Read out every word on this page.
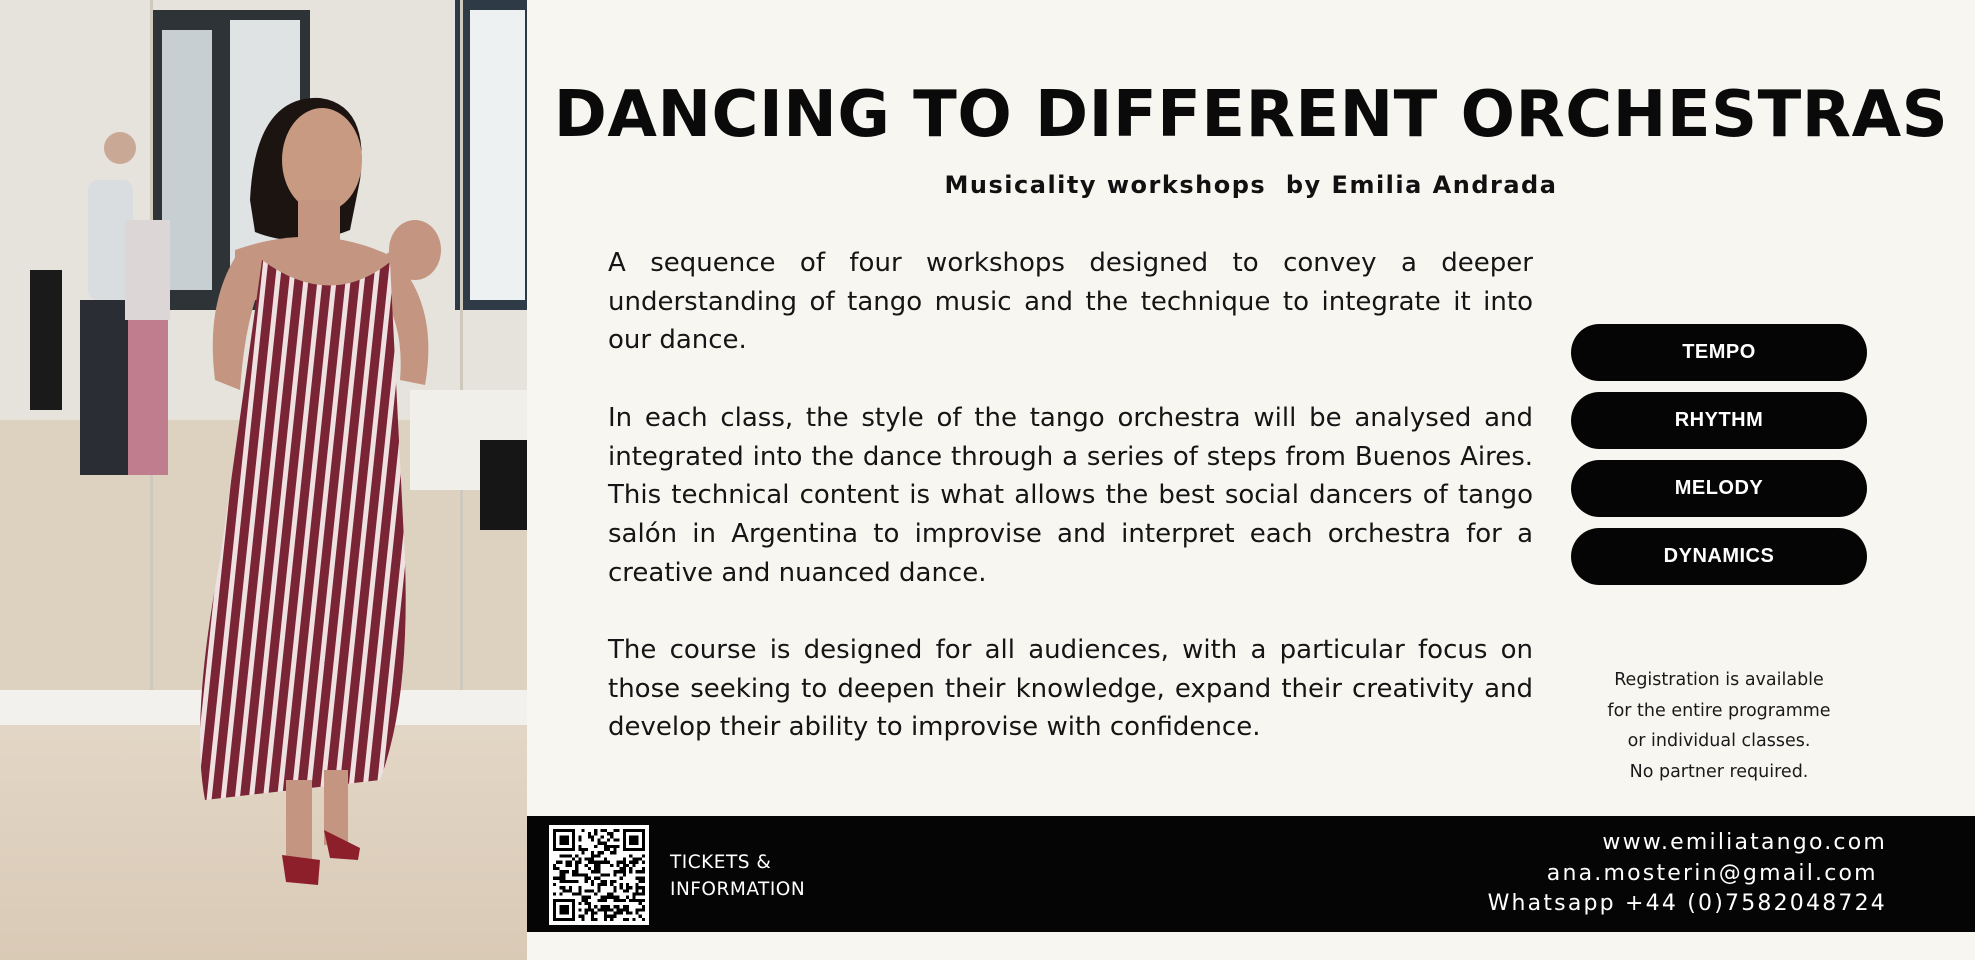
DANCING TO DIFFERENT ORCHESTRAS
Musicality workshops  by Emilia Andrada

A sequence of four workshops designed to convey a deeper understanding of tango music and the technique to integrate it into our dance.

In each class, the style of the tango orchestra will be analysed and integrated into the dance through a series of steps from Buenos Aires. This technical content is what allows the best social dancers of tango salón in Argentina to improvise and interpret each orchestra for a creative and nuanced dance.

The course is designed for all audiences, with a particular focus on those seeking to deepen their knowledge, expand their creativity and develop their ability to improvise with confidence.

TEMPO
RHYTHM
MELODY
DYNAMICS
Registration is available
for the entire programme
or individual classes.
No partner required.
TICKETS &
INFORMATION
www.emiliatango.com
ana.mosterin@gmail.com
Whatsapp +44 (0)7582048724
